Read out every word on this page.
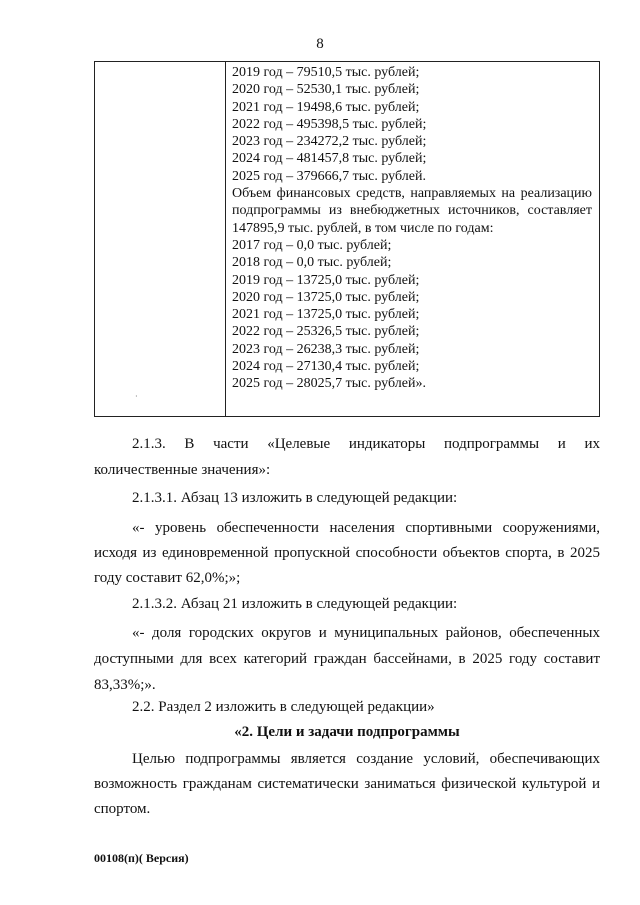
8
·
2019 год – 79510,5 тыс. рублей;
2020 год – 52530,1 тыс. рублей;
2021 год – 19498,6 тыс. рублей;
2022 год – 495398,5 тыс. рублей;
2023 год – 234272,2 тыс. рублей;
2024 год – 481457,8 тыс. рублей;
2025 год – 379666,7 тыс. рублей.
Объем финансовых средств, направляемых на реализацию подпрограммы из внебюджетных источников, составляет 147895,9 тыс. рублей, в том числе по годам:
2017 год – 0,0 тыс. рублей;
2018 год – 0,0 тыс. рублей;
2019 год – 13725,0 тыс. рублей;
2020 год – 13725,0 тыс. рублей;
2021 год – 13725,0 тыс. рублей;
2022 год – 25326,5 тыс. рублей;
2023 год – 26238,3 тыс. рублей;
2024 год – 27130,4 тыс. рублей;
2025 год – 28025,7 тыс. рублей».
2.1.3. В части «Целевые индикаторы подпрограммы и их
количественные значения»:
2.1.3.1. Абзац 13 изложить в следующей редакции:
«- уровень обеспеченности населения спортивными сооружениями, исходя из единовременной пропускной способности объектов спорта, в 2025 году составит 62,0%;»;
2.1.3.2. Абзац 21 изложить в следующей редакции:
«- доля городских округов и муниципальных районов, обеспеченных доступными для всех категорий граждан бассейнами, в 2025 году составит 83,33%;».
2.2. Раздел 2 изложить в следующей редакции»
«2. Цели и задачи подпрограммы
Целью подпрограммы является создание условий, обеспечивающих возможность гражданам систематически заниматься физической культурой и спортом.
00108(п)( Версия)
